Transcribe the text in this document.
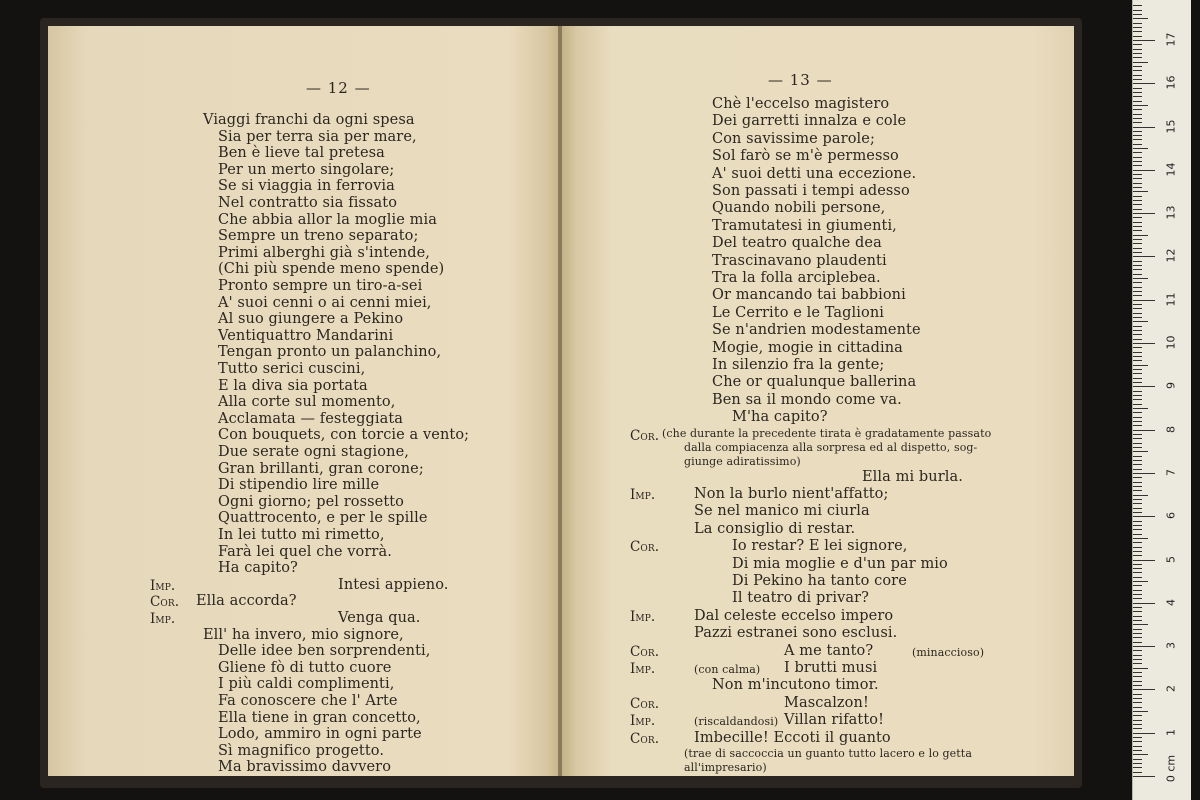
— 12 —
Viaggi franchi da ogni spesa
Sia per terra sia per mare,
Ben è lieve tal pretesa
Per un merto singolare;
Se si viaggia in ferrovia
Nel contratto sia fissato
Che abbia allor la moglie mia
Sempre un treno separato;
Primi alberghi già s'intende,
(Chi più spende meno spende)
Pronto sempre un tiro-a-sei
A' suoi cenni o ai cenni miei,
Al suo giungere a Pekino
Ventiquattro Mandarini
Tengan pronto un palanchino,
Tutto serici cuscini,
E la diva sia portata
Alla corte sul momento,
Acclamata — festeggiata
Con bouquets, con torcie a vento;
Due serate ogni stagione,
Gran brillanti, gran corone;
Di stipendio lire mille
Ogni giorno; pel rossetto
Quattrocento, e per le spille
In lei tutto mi rimetto,
Farà lei quel che vorrà.
Ha capito?
Imp.	Intesi appieno.
Cor. Ella accorda?
Imp.	Venga qua.
Ell' ha invero, mio signore,
Delle idee ben sorprendenti,
Gliene fò di tutto cuore
I più caldi complimenti,
Fa conoscere che l' Arte
Ella tiene in gran concetto,
Lodo, ammiro in ogni parte
Sì magnifico progetto.
Ma bravissimo davvero
— 13 —
Chè l'eccelso magistero
Dei garretti innalza e cole
Con savissime parole;
Sol farò se m'è permesso
A' suoi detti una eccezione.
Son passati i tempi adesso
Quando nobili persone,
Tramutatesi in giumenti,
Del teatro qualche dea
Trascinavano plaudenti
Tra la folla arciplebea.
Or mancando tai babbioni
Le Cerrito e le Taglioni
Se n'andrien modestamente
Mogie, mogie in cittadina
In silenzio fra la gente;
Che or qualunque ballerina
Ben sa il mondo come va.
M'ha capito?
Cor. (che durante la precedente tirata è gradatamente passato
dalla compiacenza alla sorpresa ed al dispetto, sog-
giunge adiratissimo)
Ella mi burla.
Imp.	Non la burlo nient'affatto;
Se nel manico mi ciurla
La consiglio di restar.
Cor.	Io restar? E lei signore,
Di mia moglie e d'un par mio
Di Pekino ha tanto core
Il teatro di privar?
Imp.	Dal celeste eccelso impero
Pazzi estranei sono esclusi.
Cor.	A me tanto?	(minaccioso)
Imp.	(con calma) I brutti musi
Non m'incutono timor.
Cor.	Mascalzon!
Imp.	(riscaldandosi) Villan rifatto!
Cor. Imbecille! Eccoti il guanto
(trae di saccoccia un guanto tutto lacero e lo getta
all'impresario)
1
2
3
4
5
6
7
8
9
10
11
12
13
14
15
16
17
0 cm
